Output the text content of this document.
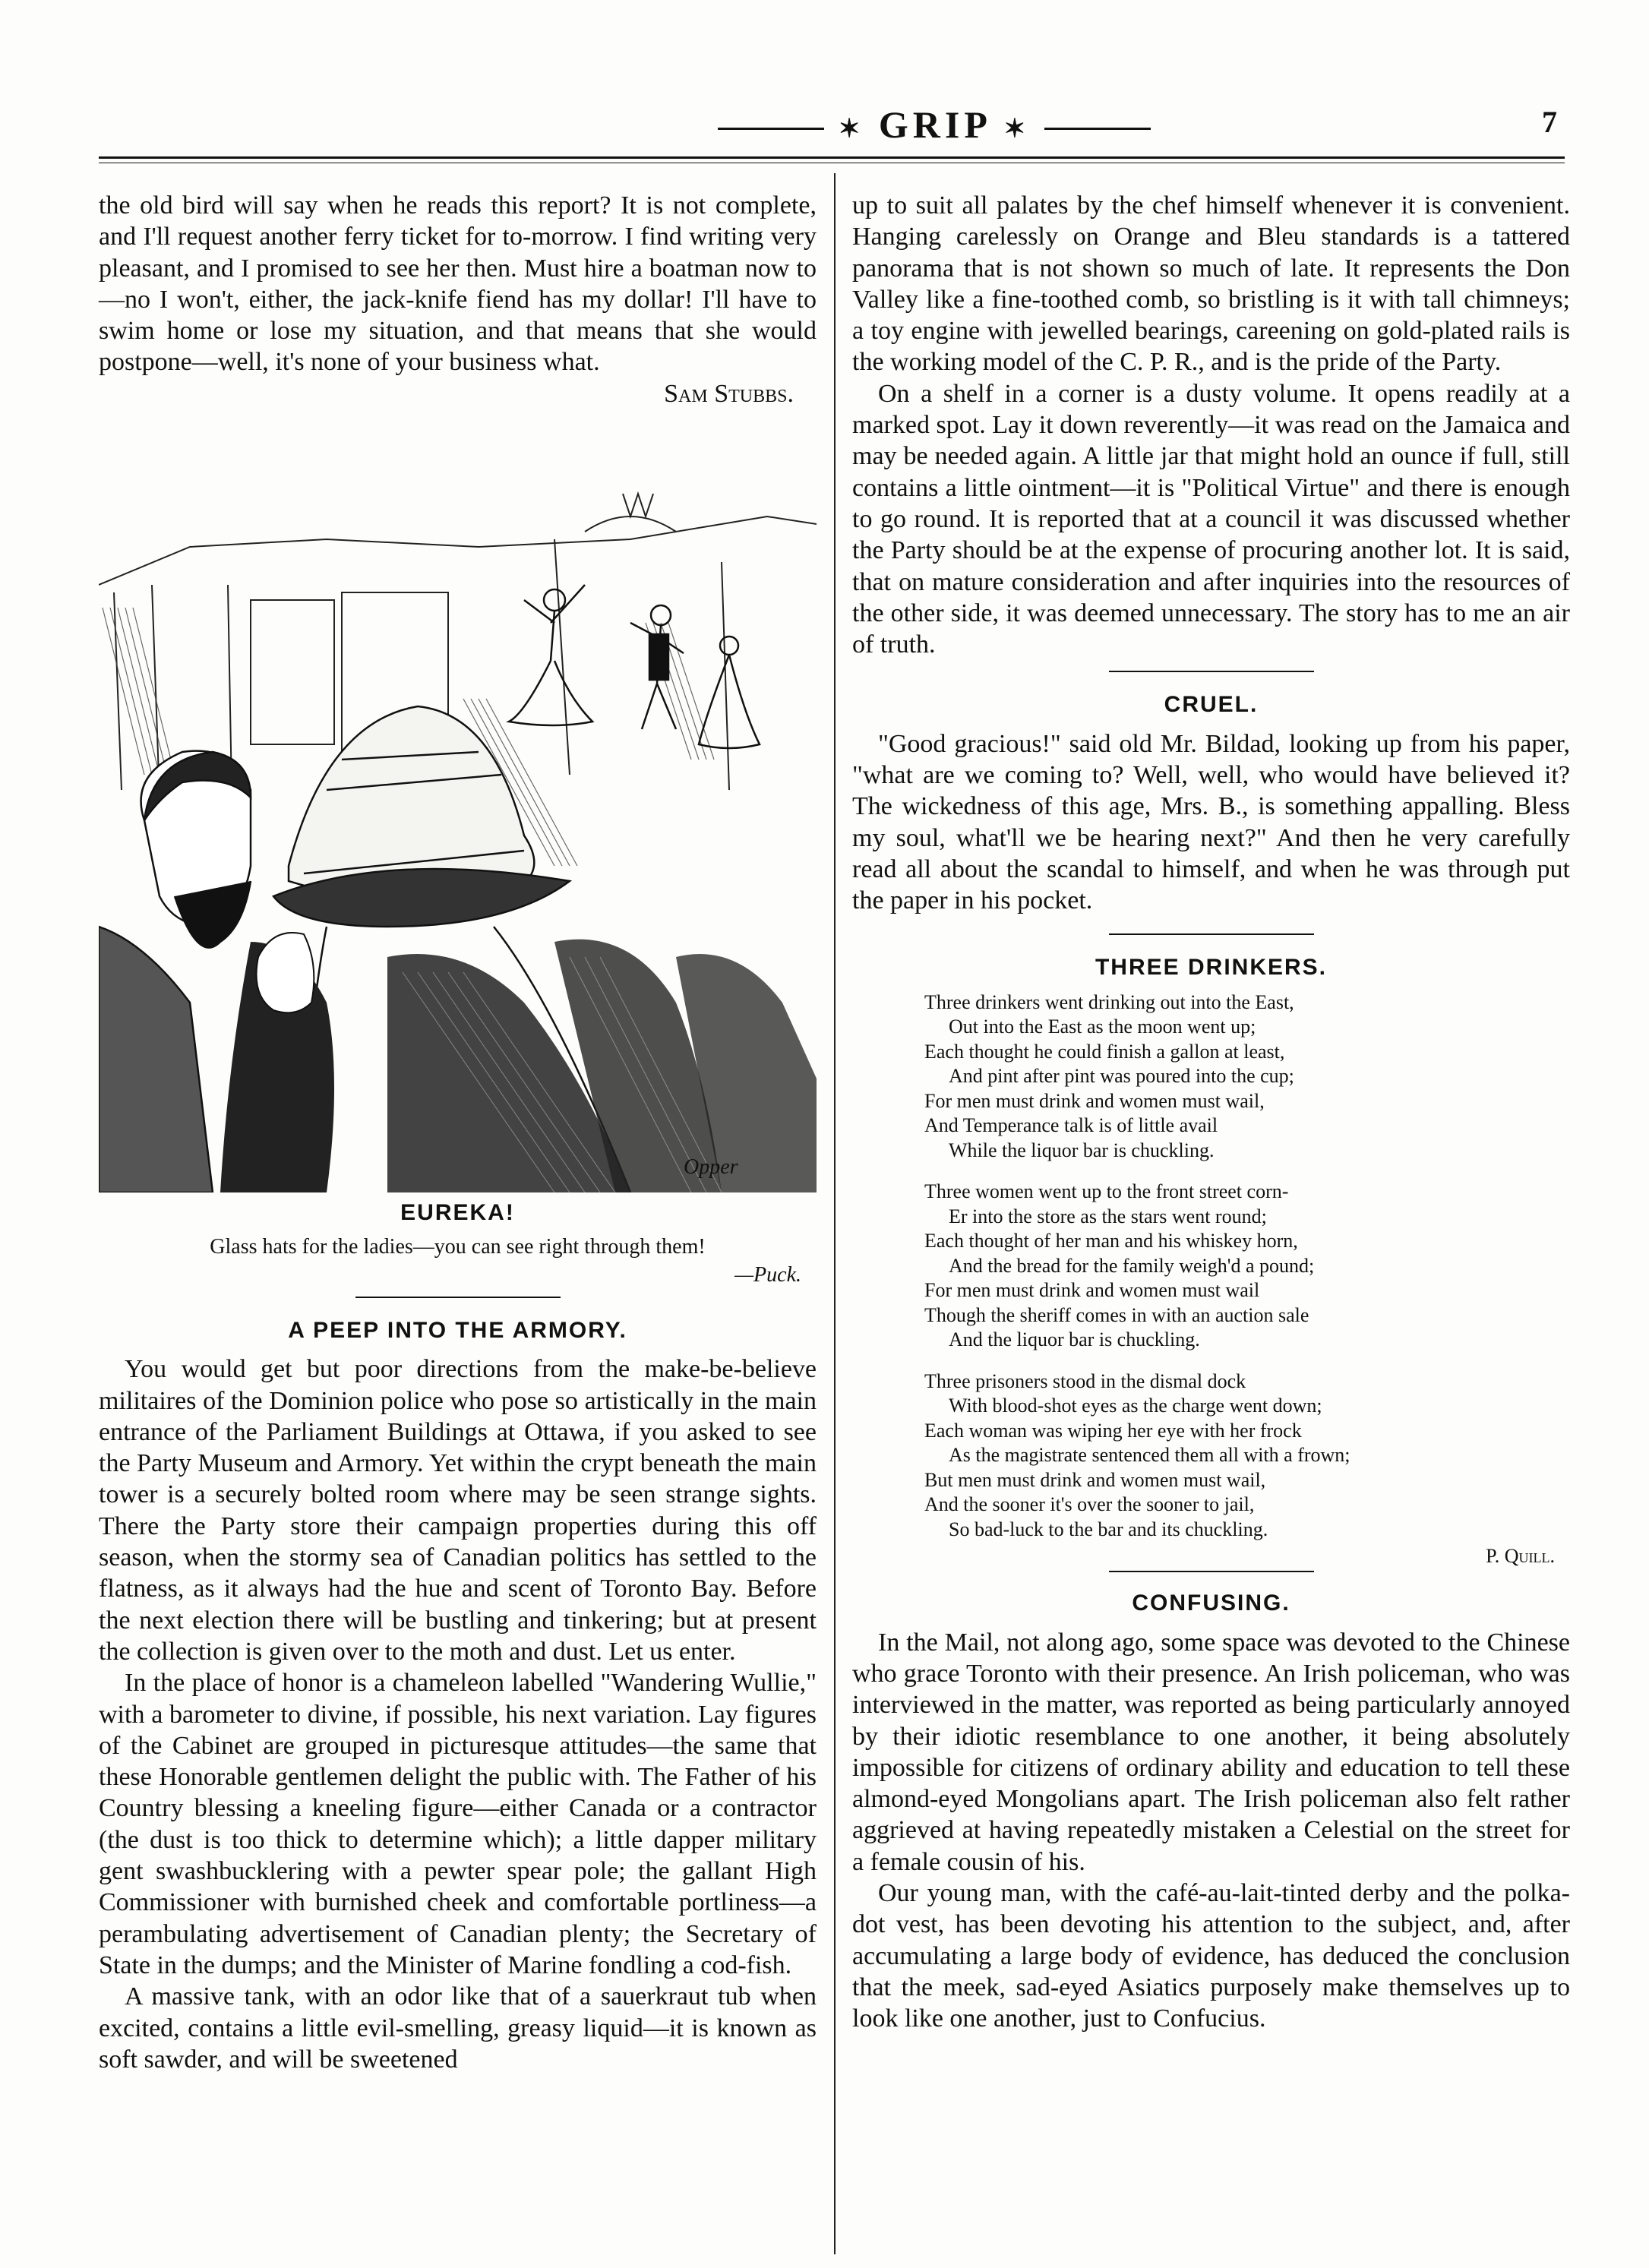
✶ GRIP ✶	7

the old bird will say when he reads this report? It is not complete, and I'll request another ferry ticket for to-morrow. I find writing very pleasant, and I promised to see her then. Must hire a boatman now to—no I won't, either, the jack-knife fiend has my dollar! I'll have to swim home or lose my situation, and that means that she would postpone—well, it's none of your business what.

Sam Stubbs.

Opper
EUREKA!
Glass hats for the ladies—you can see right through them!
—Puck.
A PEEP INTO THE ARMORY.

You would get but poor directions from the make-be-believe militaires of the Dominion police who pose so artistically in the main entrance of the Parliament Buildings at Ottawa, if you asked to see the Party Museum and Armory. Yet within the crypt beneath the main tower is a securely bolted room where may be seen strange sights. There the Party store their campaign properties during this off season, when the stormy sea of Canadian politics has settled to the flatness, as it always had the hue and scent of Toronto Bay. Before the next election there will be bustling and tinkering; but at present the collection is given over to the moth and dust. Let us enter.

In the place of honor is a chameleon labelled "Wandering Wullie," with a barometer to divine, if possible, his next variation. Lay figures of the Cabinet are grouped in picturesque attitudes—the same that these Honorable gentlemen delight the public with. The Father of his Country blessing a kneeling figure—either Canada or a contractor (the dust is too thick to determine which); a little dapper military gent swashbucklering with a pewter spear pole; the gallant High Commissioner with burnished cheek and comfortable portliness—a perambulating advertisement of Canadian plenty; the Secretary of State in the dumps; and the Minister of Marine fondling a cod-fish.

A massive tank, with an odor like that of a sauerkraut tub when excited, contains a little evil-smelling, greasy liquid—it is known as soft sawder, and will be sweetened

up to suit all palates by the chef himself whenever it is convenient. Hanging carelessly on Orange and Bleu standards is a tattered panorama that is not shown so much of late. It represents the Don Valley like a fine-toothed comb, so bristling is it with tall chimneys; a toy engine with jewelled bearings, careening on gold-plated rails is the working model of the C. P. R., and is the pride of the Party.

On a shelf in a corner is a dusty volume. It opens readily at a marked spot. Lay it down reverently—it was read on the Jamaica and may be needed again. A little jar that might hold an ounce if full, still contains a little ointment—it is "Political Virtue" and there is enough to go round. It is reported that at a council it was discussed whether the Party should be at the expense of procuring another lot. It is said, that on mature consideration and after inquiries into the resources of the other side, it was deemed unnecessary. The story has to me an air of truth.

CRUEL.

"Good gracious!" said old Mr. Bildad, looking up from his paper, "what are we coming to? Well, well, who would have believed it? The wickedness of this age, Mrs. B., is something appalling. Bless my soul, what'll we be hearing next?" And then he very carefully read all about the scandal to himself, and when he was through put the paper in his pocket.

THREE DRINKERS.
Three drinkers went drinking out into the East,
Out into the East as the moon went up;
Each thought he could finish a gallon at least,
And pint after pint was poured into the cup;
For men must drink and women must wail,
And Temperance talk is of little avail
While the liquor bar is chuckling.
Three women went up to the front street corn-
Er into the store as the stars went round;
Each thought of her man and his whiskey horn,
And the bread for the family weigh'd a pound;
For men must drink and women must wail
Though the sheriff comes in with an auction sale
And the liquor bar is chuckling.
Three prisoners stood in the dismal dock
With blood-shot eyes as the charge went down;
Each woman was wiping her eye with her frock
As the magistrate sentenced them all with a frown;
But men must drink and women must wail,
And the sooner it's over the sooner to jail,
So bad-luck to the bar and its chuckling.

P. Quill.

CONFUSING.

In the Mail, not along ago, some space was devoted to the Chinese who grace Toronto with their presence. An Irish policeman, who was interviewed in the matter, was reported as being particularly annoyed by their idiotic resemblance to one another, it being absolutely impossible for citizens of ordinary ability and education to tell these almond-eyed Mongolians apart. The Irish policeman also felt rather aggrieved at having repeatedly mistaken a Celestial on the street for a female cousin of his.

Our young man, with the café-au-lait-tinted derby and the polka-dot vest, has been devoting his attention to the subject, and, after accumulating a large body of evidence, has deduced the conclusion that the meek, sad-eyed Asiatics purposely make themselves up to look like one another, just to Confucius.
